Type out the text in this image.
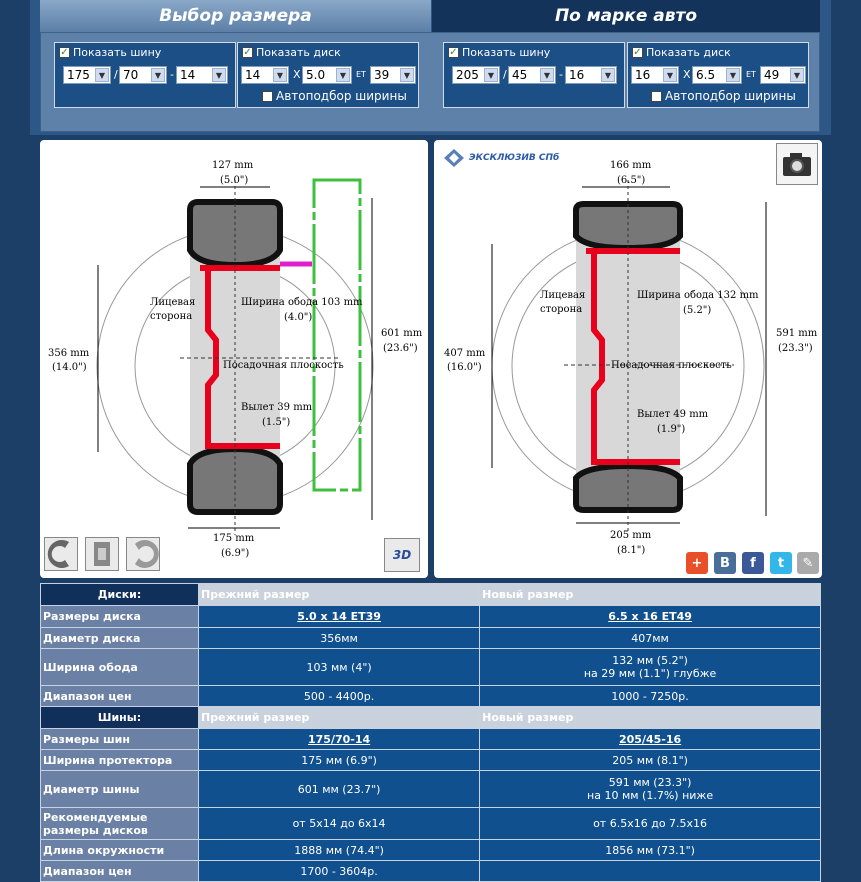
Выбор размера	По марке авто
✓ Показать шину	✓ Показать диск
175	▼ / 70	▼ - 14	▼	14	▼ X 5.0	▼	ET 39	▼
Автоподбор ширины
✓ Показать шину	✓ Показать диск
205	▼ / 45	▼ - 16	▼	16	▼ X 6.5	▼	ET 49	▼
Автоподбор ширины
127 mm
(5.0")
356 mm
(14.0")
Лицевая
сторона
Ширина обода 103 mm
(4.0")
601 mm
(23.6")
Посадочная плоскость
Вылет 39 mm
(1.5")
175 mm
(6.9")	3D
ЭКСКЛЮЗИВ СПб
166 mm
(6.5")
407 mm
(16.0")
Лицевая
сторона
Ширина обода 132 mm
(5.2")
591 mm
(23.3")
Посадочная плоскость
Вылет 49 mm
(1.9")
205 mm
(8.1")
+	B	f	t	✎
Диски:	Прежний размер	Новый размер
Размеры диска	5.0 x 14 ET39	6.5 x 16 ET49
Диаметр диска	356мм	407мм
Ширина обода	103 мм (4")	132 мм (5.2")
на 29 мм (1.1") глубже

Диапазон цен	500 - 4400р.	1000 - 7250р.
Шины:	Прежний размер	Новый размер
Размеры шин	175/70-14	205/45-16
Ширина протектора	175 мм (6.9")	205 мм (8.1")
Диаметр шины	601 мм (23.7")	591 мм (23.3")
на 10 мм (1.7%) ниже

Рекомендуемые размеры дисков	от 5x14 до 6x14	от 6.5x16 до 7.5x16
Длина окружности	1888 мм (74.4")	1856 мм (73.1")
Диапазон цен	1700 - 3604р.	
